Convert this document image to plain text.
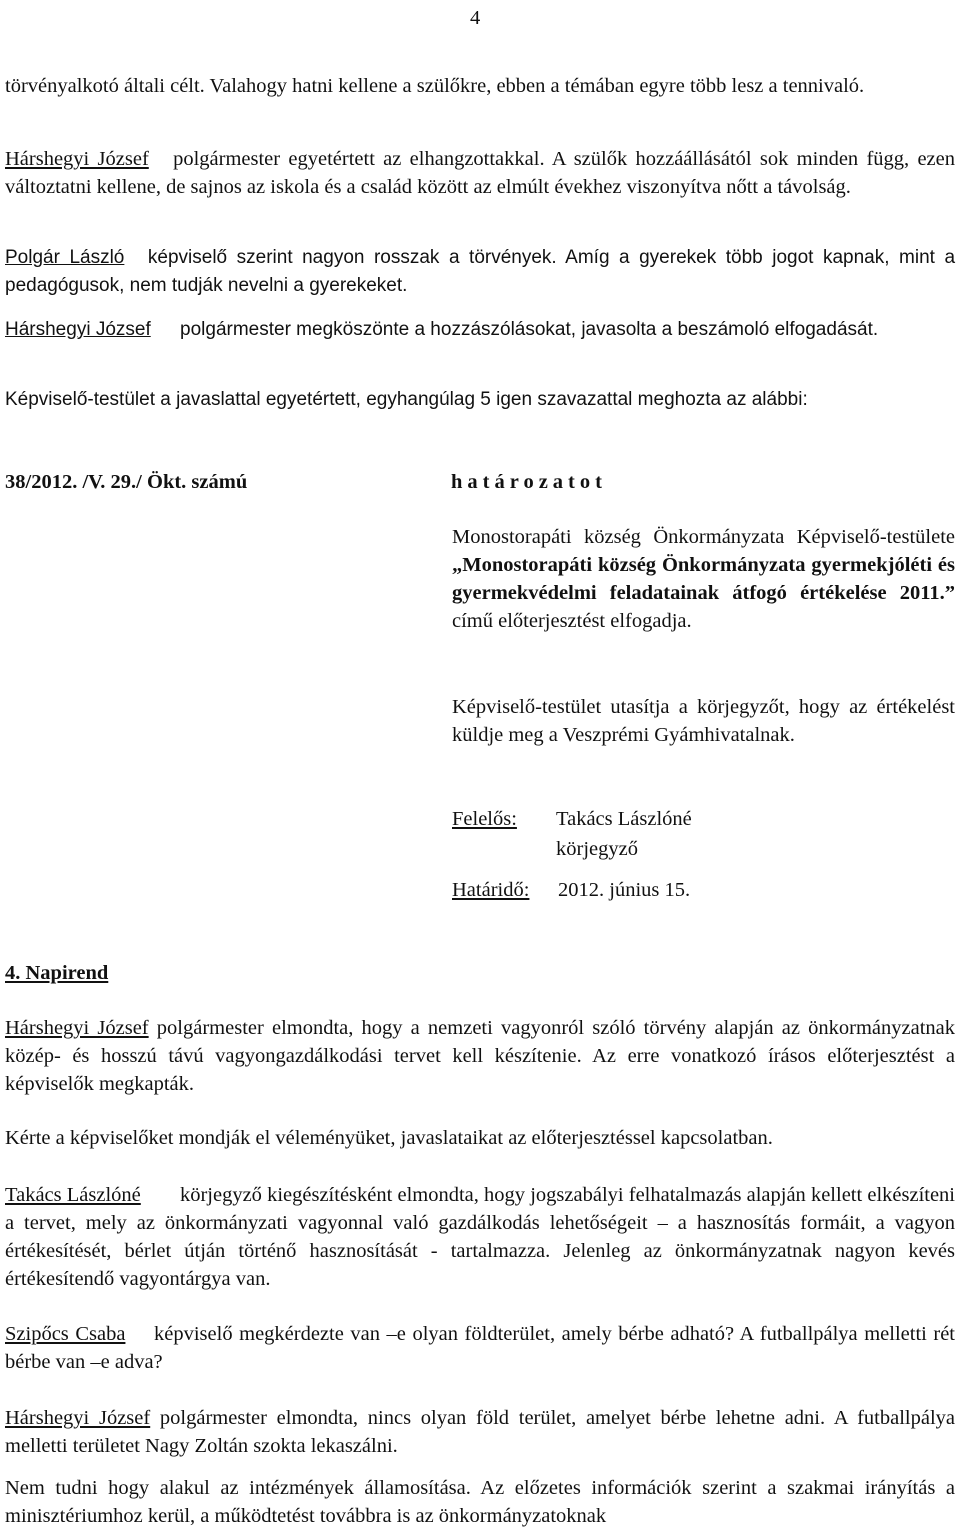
4
törvényalkotó általi célt. Valahogy hatni kellene a szülőkre, ebben a témában egyre több lesz a tennivaló.
Hárshegyi József polgármester egyetértett az elhangzottakkal. A szülők hozzáállásától sok minden függ, ezen változtatni kellene, de sajnos az iskola és a család között az elmúlt évekhez viszonyítva nőtt a távolság.
Polgár László képviselő szerint nagyon rosszak a törvények. Amíg a gyerekek több jogot kapnak, mint a pedagógusok, nem tudják nevelni a gyerekeket.
Hárshegyi József polgármester megköszönte a hozzászólásokat, javasolta a beszámoló elfogadását.
Képviselő-testület a javaslattal egyetértett, egyhangúlag 5 igen szavazattal meghozta az alábbi:
38/2012. /V. 29./ Ökt. számú	határozatot
Monostorapáti község Önkormányzata Képviselő-testülete „Monostorapáti község Önkormányzata gyermekjóléti és gyermekvédelmi feladatainak átfogó értékelése 2011.” című előterjesztést elfogadja.
Képviselő-testület utasítja a körjegyzőt, hogy az értékelést küldje meg a Veszprémi Gyámhivatalnak.
Felelős: Takács Lászlóné
körjegyző
Határidő: 2012. június 15.
4. Napirend
Hárshegyi József polgármester elmondta, hogy a nemzeti vagyonról szóló törvény alapján az önkormányzatnak közép- és hosszú távú vagyongazdálkodási tervet kell készítenie. Az erre vonatkozó írásos előterjesztést a képviselők megkapták.
Kérte a képviselőket mondják el véleményüket, javaslataikat az előterjesztéssel kapcsolatban.
Takács Lászlóné körjegyző kiegészítésként elmondta, hogy jogszabályi felhatalmazás alapján kellett elkészíteni a tervet, mely az önkormányzati vagyonnal való gazdálkodás lehetőségeit – a hasznosítás formáit, a vagyon értékesítését, bérlet útján történő hasznosítását - tartalmazza. Jelenleg az önkormányzatnak nagyon kevés értékesítendő vagyontárgya van.
Szipőcs Csaba képviselő megkérdezte van –e olyan földterület, amely bérbe adható? A futballpálya melletti rét bérbe van –e adva?
Hárshegyi József polgármester elmondta, nincs olyan föld terület, amelyet bérbe lehetne adni. A futballpálya melletti területet Nagy Zoltán szokta lekaszálni.
Nem tudni hogy alakul az intézmények államosítása. Az előzetes információk szerint a szakmai irányítás a minisztériumhoz kerül, a működtetést továbbra is az önkormányzatoknak
